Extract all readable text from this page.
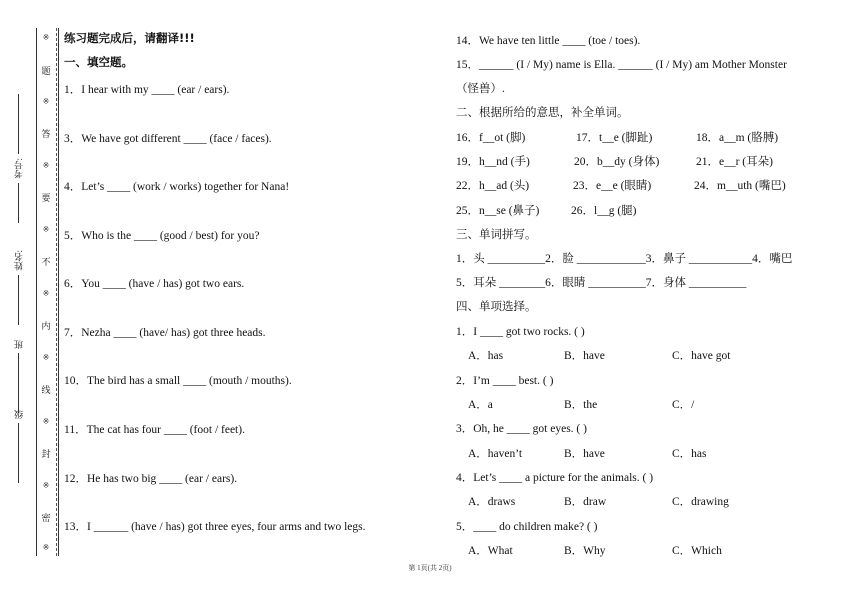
※
题
※
答
※
要
※
不
※
内
※
线
※
封
※
密
※
考号:
姓名:
班
级
练习题完成后，请翻译!!!
一、填空题。
1．I hear with my ____ (ear / ears).
3．We have got different ____ (face / faces).
4．Let’s ____ (work / works) together for Nana!
5．Who is the ____ (good / best) for you?
6．You ____ (have / has) got two ears.
7．Nezha ____ (have/ has) got three heads.
10．The bird has a small ____ (mouth / mouths).
11．The cat has four ____ (foot / feet).
12．He has two big ____ (ear / ears).
13．I ______ (have / has) got three eyes, four arms and two legs.
14．We have ten little ____ (toe / toes).
15．______ (I / My) name is Ella. ______ (I / My) am Mother Monster
（怪兽）.
二、根据所给的意思，补全单词。
16．f__ot (脚)	17．t__e (脚趾)	18．a__m (胳膊)
19．h__nd (手)	20．b__dy (身体)	21．e__r (耳朵)
22．h__ad (头)	23．e__e (眼睛)	24．m__uth (嘴巴)
25．n__se (鼻子)	26．l__g (腿)
三、单词拼写。
1．头 __________2．脸 ____________3．鼻子 ___________4．嘴巴
5．耳朵 ________6．眼睛 __________7．身体 __________
四、单项选择。
1．I ____ got two rocks. ( )
A．has	B．have	C．have got
2．I’m ____ best. ( )
A．a	B．the	C．/
3．Oh, he ____ got eyes. ( )
A．haven’t	B．have	C．has
4．Let’s ____ a picture for the animals. ( )
A．draws	B．draw	C．drawing
5．____ do children make? ( )
A．What	B．Why	C．Which
第 1页(共 2页)
